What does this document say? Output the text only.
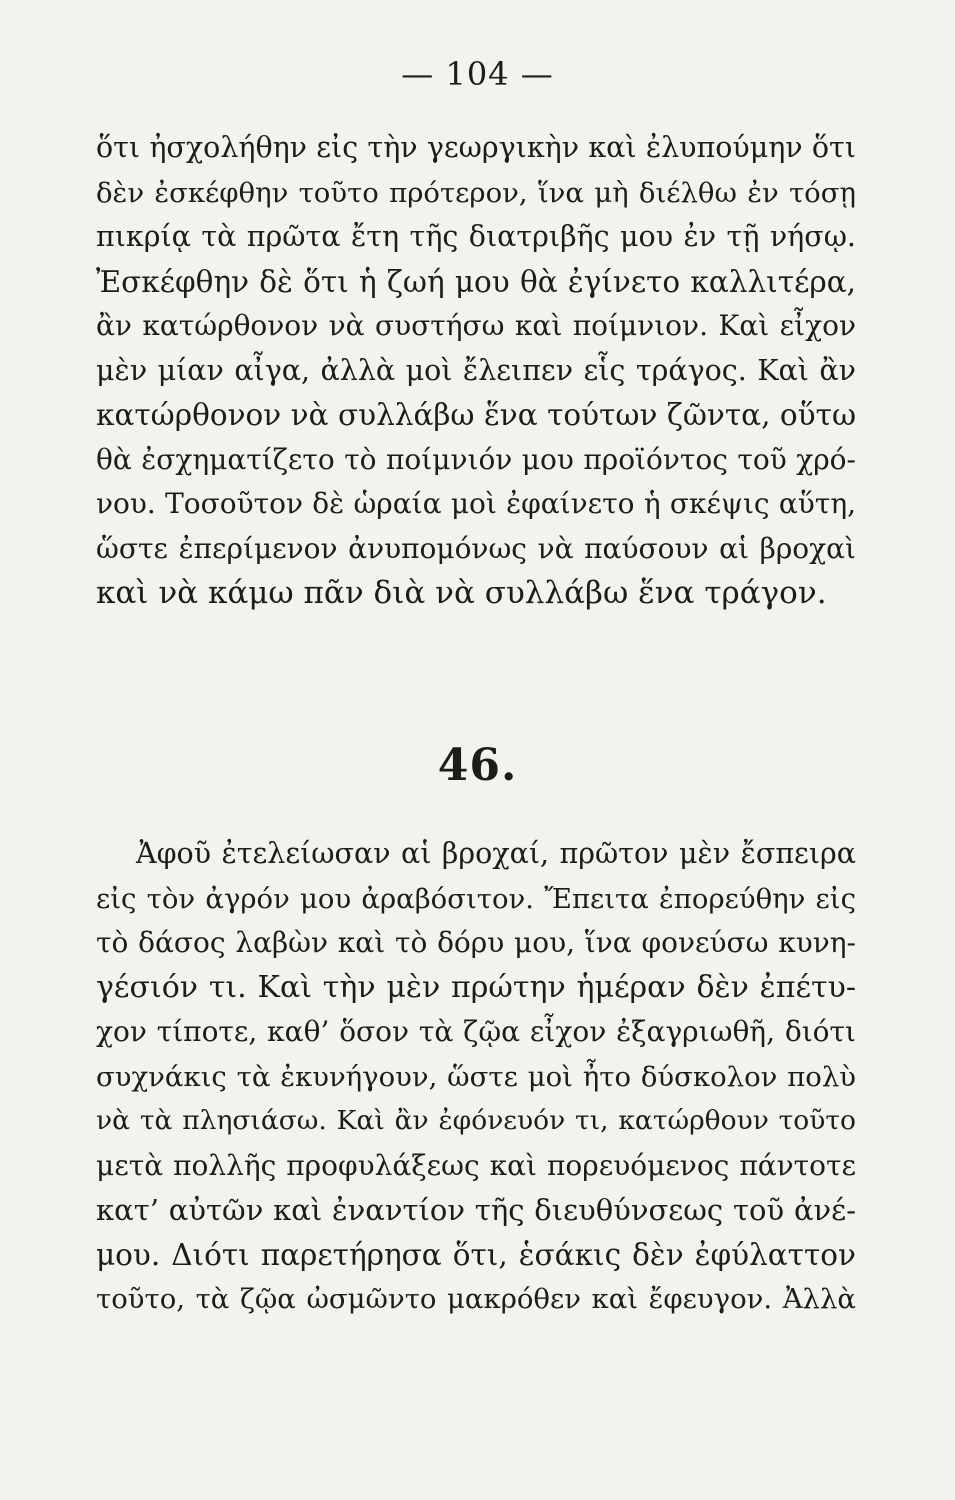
— 104 —
ὅτι ἠσχολήθην εἰς τὴν γεωργικὴν καὶ ἐλυπούμην ὅτι
δὲν ἐσκέφθην τοῦτο πρότερον, ἵνα μὴ διέλθω ἐν τόσῃ
πικρίᾳ τὰ πρῶτα ἔτη τῆς διατριβῆς μου ἐν τῇ νήσῳ.
Ἐσκέφθην δὲ ὅτι ἡ ζωή μου θὰ ἐγίνετο καλλιτέρα,
ἂν κατώρθονον νὰ συστήσω καὶ ποίμνιον. Καὶ εἶχον
μὲν μίαν αἶγα, ἀλλὰ μοὶ ἔλειπεν εἷς τράγος. Καὶ ἂν
κατώρθονον νὰ συλλάβω ἕνα τούτων ζῶντα, οὕτω
θὰ ἐσχηματίζετο τὸ ποίμνιόν μου προϊόντος τοῦ χρό-
νου. Τοσοῦτον δὲ ὡραία μοὶ ἐφαίνετο ἡ σκέψις αὕτη,
ὥστε ἐπερίμενον ἀνυπομόνως νὰ παύσουν αἱ βροχαὶ
καὶ νὰ κάμω πᾶν διὰ νὰ συλλάβω ἕνα τράγον.
46.
Ἀφοῦ ἐτελείωσαν αἱ βροχαί, πρῶτον μὲν ἔσπειρα
εἰς τὸν ἀγρόν μου ἀραβόσιτον. Ἔπειτα ἐπορεύθην εἰς
τὸ δάσος λαβὼν καὶ τὸ δόρυ μου, ἵνα φονεύσω κυνη-
γέσιόν τι. Καὶ τὴν μὲν πρώτην ἡμέραν δὲν ἐπέτυ-
χον τίποτε, καθ’ ὅσον τὰ ζῷα εἶχον ἐξαγριωθῆ, διότι
συχνάκις τὰ ἐκυνήγουν, ὥστε μοὶ ἦτο δύσκολον πολὺ
νὰ τὰ πλησιάσω. Καὶ ἂν ἐφόνευόν τι, κατώρθουν τοῦτο
μετὰ πολλῆς προφυλάξεως καὶ πορευόμενος πάντοτε
κατ’ αὐτῶν καὶ ἐναντίον τῆς διευθύνσεως τοῦ ἀνέ-
μου. Διότι παρετήρησα ὅτι, ἑσάκις δὲν ἐφύλαττον
τοῦτο, τὰ ζῷα ὠσμῶντο μακρόθεν καὶ ἔφευγον. Ἀλλὰ
